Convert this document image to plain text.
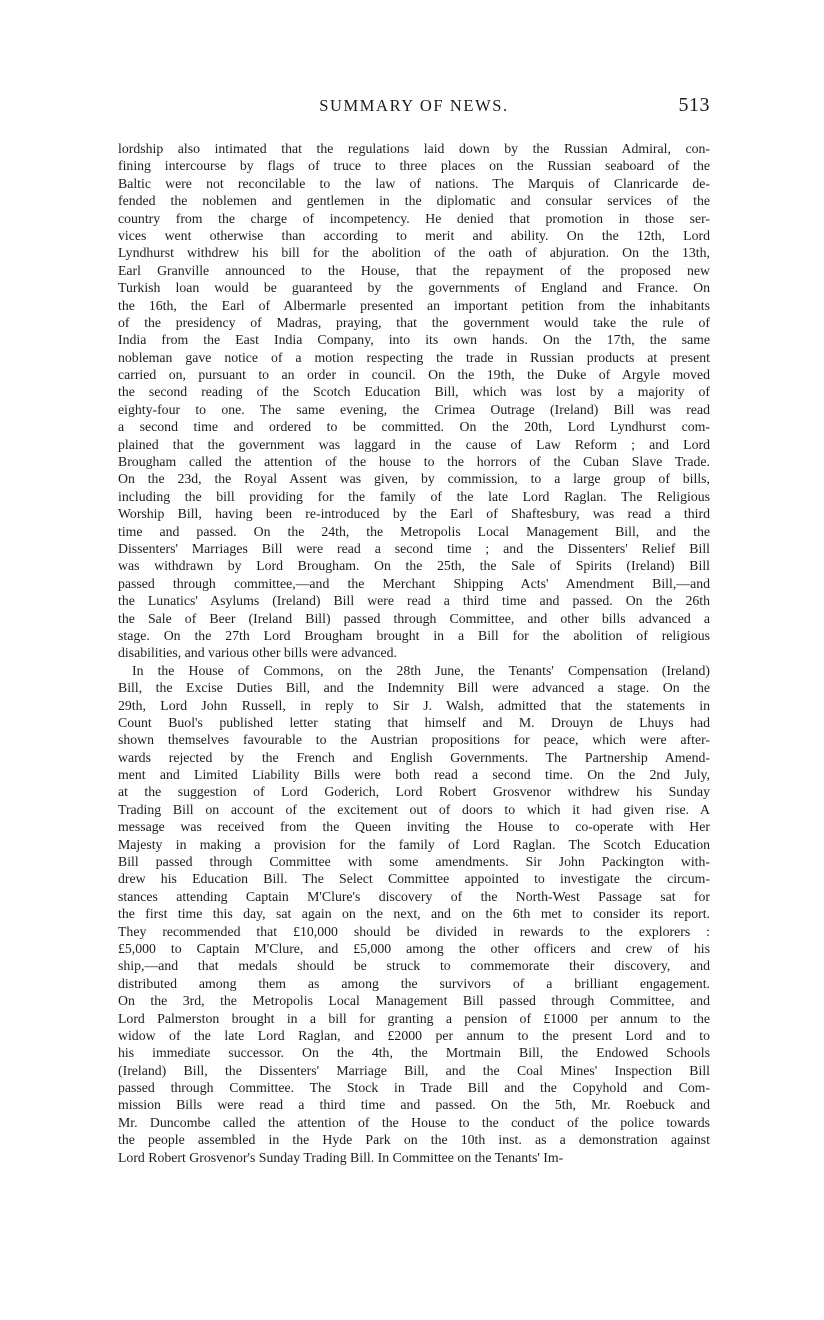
SUMMARY OF NEWS.	513
lordship also intimated that the regulations laid down by the Russian Admiral, con-
fining intercourse by flags of truce to three places on the Russian seaboard of the
Baltic were not reconcilable to the law of nations. The Marquis of Clanricarde de-
fended the noblemen and gentlemen in the diplomatic and consular services of the
country from the charge of incompetency. He denied that promotion in those ser-
vices went otherwise than according to merit and ability. On the 12th, Lord
Lyndhurst withdrew his bill for the abolition of the oath of abjuration. On the 13th,
Earl Granville announced to the House, that the repayment of the proposed new
Turkish loan would be guaranteed by the governments of England and France. On
the 16th, the Earl of Albermarle presented an important petition from the inhabitants
of the presidency of Madras, praying, that the government would take the rule of
India from the East India Company, into its own hands. On the 17th, the same
nobleman gave notice of a motion respecting the trade in Russian products at present
carried on, pursuant to an order in council. On the 19th, the Duke of Argyle moved
the second reading of the Scotch Education Bill, which was lost by a majority of
eighty-four to one. The same evening, the Crimea Outrage (Ireland) Bill was read
a second time and ordered to be committed. On the 20th, Lord Lyndhurst com-
plained that the government was laggard in the cause of Law Reform ; and Lord
Brougham called the attention of the house to the horrors of the Cuban Slave Trade.
On the 23d, the Royal Assent was given, by commission, to a large group of bills,
including the bill providing for the family of the late Lord Raglan. The Religious
Worship Bill, having been re-introduced by the Earl of Shaftesbury, was read a third
time and passed. On the 24th, the Metropolis Local Management Bill, and the
Dissenters' Marriages Bill were read a second time ; and the Dissenters' Relief Bill
was withdrawn by Lord Brougham. On the 25th, the Sale of Spirits (Ireland) Bill
passed through committee,—and the Merchant Shipping Acts' Amendment Bill,—and
the Lunatics' Asylums (Ireland) Bill were read a third time and passed. On the 26th
the Sale of Beer (Ireland Bill) passed through Committee, and other bills advanced a
stage. On the 27th Lord Brougham brought in a Bill for the abolition of religious
disabilities, and various other bills were advanced.
In the House of Commons, on the 28th June, the Tenants' Compensation (Ireland)
Bill, the Excise Duties Bill, and the Indemnity Bill were advanced a stage. On the
29th, Lord John Russell, in reply to Sir J. Walsh, admitted that the statements in
Count Buol's published letter stating that himself and M. Drouyn de Lhuys had
shown themselves favourable to the Austrian propositions for peace, which were after-
wards rejected by the French and English Governments. The Partnership Amend-
ment and Limited Liability Bills were both read a second time. On the 2nd July,
at the suggestion of Lord Goderich, Lord Robert Grosvenor withdrew his Sunday
Trading Bill on account of the excitement out of doors to which it had given rise. A
message was received from the Queen inviting the House to co-operate with Her
Majesty in making a provision for the family of Lord Raglan. The Scotch Education
Bill passed through Committee with some amendments. Sir John Packington with-
drew his Education Bill. The Select Committee appointed to investigate the circum-
stances attending Captain M'Clure's discovery of the North-West Passage sat for
the first time this day, sat again on the next, and on the 6th met to consider its report.
They recommended that £10,000 should be divided in rewards to the explorers :
£5,000 to Captain M'Clure, and £5,000 among the other officers and crew of his
ship,—and that medals should be struck to commemorate their discovery, and
distributed among them as among the survivors of a brilliant engagement.
On the 3rd, the Metropolis Local Management Bill passed through Committee, and
Lord Palmerston brought in a bill for granting a pension of £1000 per annum to the
widow of the late Lord Raglan, and £2000 per annum to the present Lord and to
his immediate successor. On the 4th, the Mortmain Bill, the Endowed Schools
(Ireland) Bill, the Dissenters' Marriage Bill, and the Coal Mines' Inspection Bill
passed through Committee. The Stock in Trade Bill and the Copyhold and Com-
mission Bills were read a third time and passed. On the 5th, Mr. Roebuck and
Mr. Duncombe called the attention of the House to the conduct of the police towards
the people assembled in the Hyde Park on the 10th inst. as a demonstration against
Lord Robert Grosvenor's Sunday Trading Bill. In Committee on the Tenants' Im-
